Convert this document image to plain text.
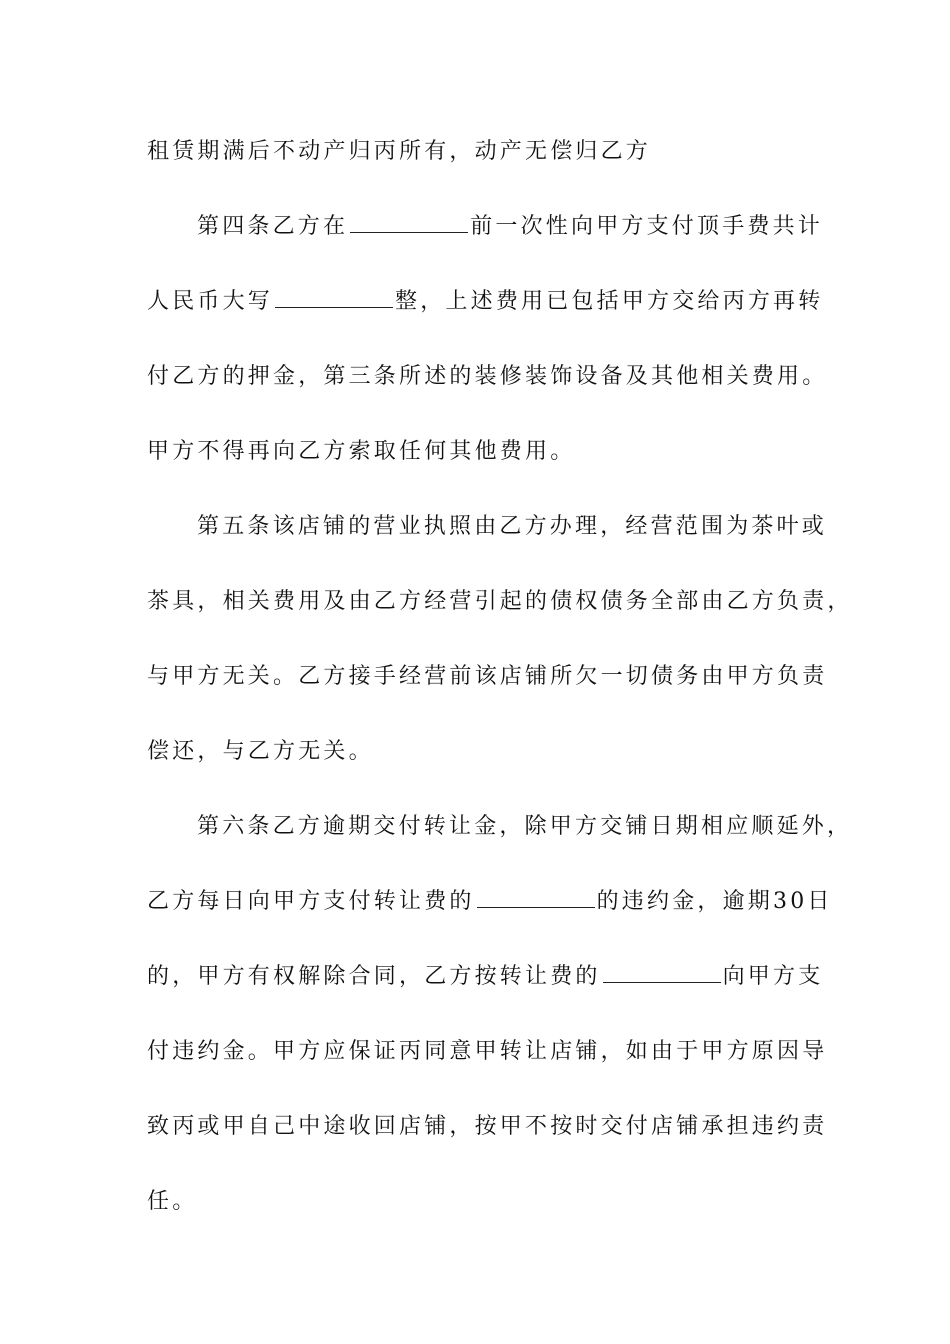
租赁期满后不动产归丙所有，动产无偿归乙方
第四条乙方在	前一次性向甲方支付顶手费共计
人民币大写	整，上述费用已包括甲方交给丙方再转
付乙方的押金，第三条所述的装修装饰设备及其他相关费用。
甲方不得再向乙方索取任何其他费用。
第五条该店铺的营业执照由乙方办理，经营范围为茶叶或
茶具，相关费用及由乙方经营引起的债权债务全部由乙方负责，
与甲方无关。乙方接手经营前该店铺所欠一切债务由甲方负责
偿还，与乙方无关。
第六条乙方逾期交付转让金，除甲方交铺日期相应顺延外，
乙方每日向甲方支付转让费的	的违约金，逾期30日
的，甲方有权解除合同，乙方按转让费的	向甲方支
付违约金。甲方应保证丙同意甲转让店铺，如由于甲方原因导
致丙或甲自己中途收回店铺，按甲不按时交付店铺承担违约责
任。
